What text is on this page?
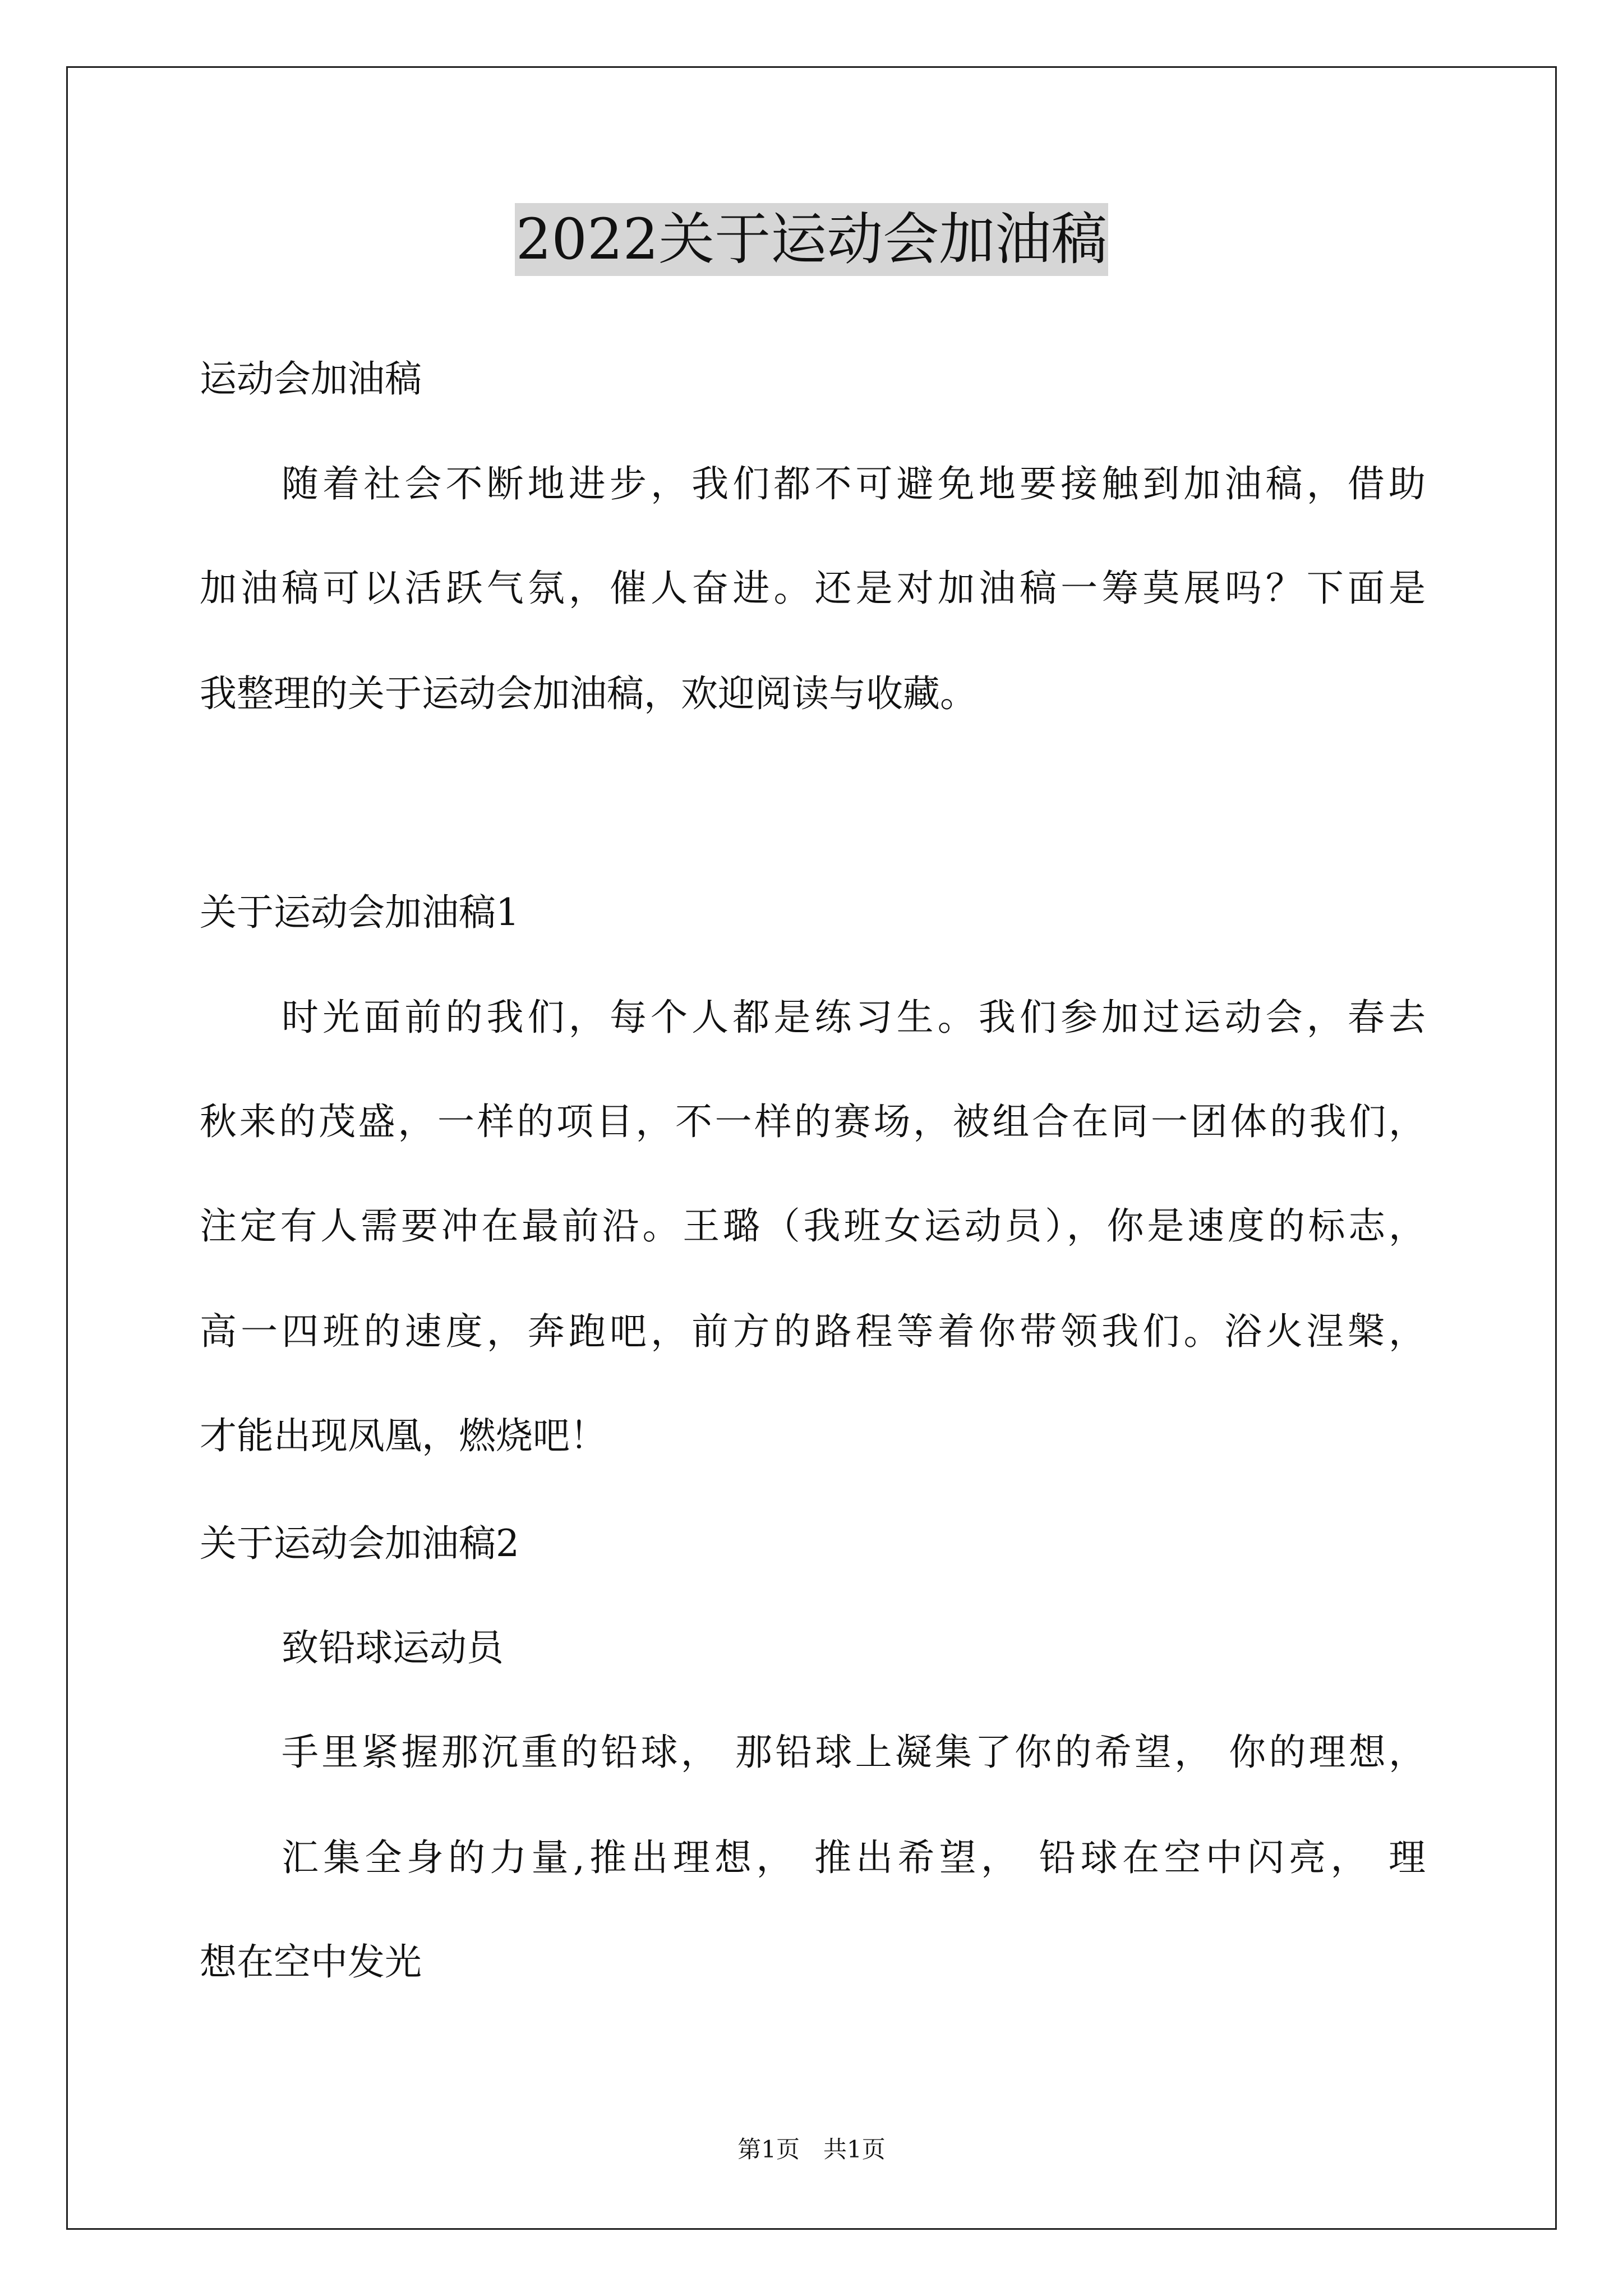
2022关于运动会加油稿
运动会加油稿
随着社会不断地进步，我们都不可避免地要接触到加油稿，借助
加油稿可以活跃气氛，催人奋进。还是对加油稿一筹莫展吗？下面是
我整理的关于运动会加油稿，欢迎阅读与收藏。
关于运动会加油稿1
时光面前的我们，每个人都是练习生。我们参加过运动会，春去
秋来的茂盛，一样的项目，不一样的赛场，被组合在同一团体的我们，
注定有人需要冲在最前沿。王璐（我班女运动员），你是速度的标志，
高一四班的速度，奔跑吧，前方的路程等着你带领我们。浴火涅槃，
才能出现凤凰，燃烧吧！
关于运动会加油稿2
致铅球运动员
手里紧握那沉重的铅球， 那铅球上凝集了你的希望， 你的理想，
汇集全身的力量,推出理想， 推出希望， 铅球在空中闪亮， 理
想在空中发光
第1页　共1页
